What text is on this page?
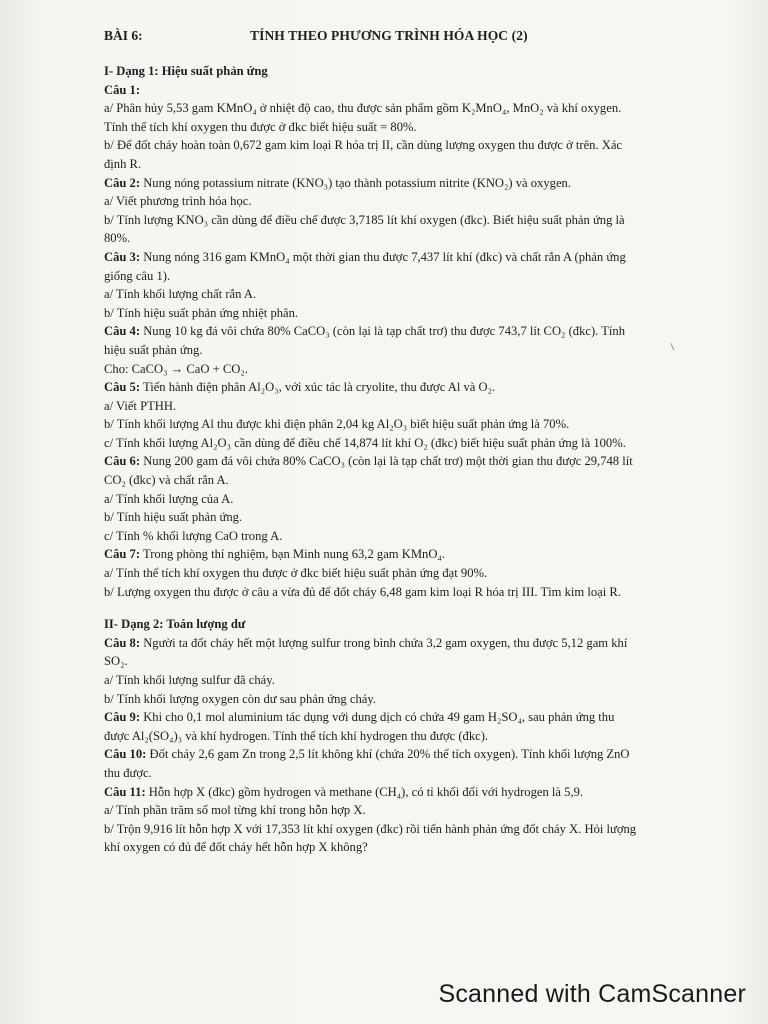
BÀI 6:	TÍNH THEO PHƯƠNG TRÌNH HÓA HỌC (2)

I- Dạng 1: Hiệu suất phản ứng

Câu 1:

a/ Phân hủy 5,53 gam KMnO₄ ở nhiệt độ cao, thu được sản phẩm gồm K₂MnO₄, MnO₂ và khí oxygen.

Tính thể tích khí oxygen thu được ở đkc biết hiệu suất = 80%.

b/ Để đốt cháy hoàn toàn 0,672 gam kim loại R hóa trị II, cần dùng lượng oxygen thu được ở trên. Xác

định R.

Câu 2: Nung nóng potassium nitrate (KNO₃) tạo thành potassium nitrite (KNO₂) và oxygen.

a/ Viết phương trình hóa học.

b/ Tính lượng KNO₃ cần dùng để điều chế được 3,7185 lít khí oxygen (đkc). Biết hiệu suất phản ứng là

80%.

Câu 3: Nung nóng 316 gam KMnO₄ một thời gian thu được 7,437 lít khí (đkc) và chất rắn A (phản ứng

giống câu 1).

a/ Tính khối lượng chất rắn A.

b/ Tính hiệu suất phản ứng nhiệt phân.

Câu 4: Nung 10 kg đá vôi chứa 80% CaCO₃ (còn lại là tạp chất trơ) thu được 743,7 lít CO₂ (đkc). Tính

hiệu suất phản ứng.

Cho: CaCO₃ → CaO + CO₂.

Câu 5: Tiến hành điện phân Al₂O₃, với xúc tác là cryolite, thu được Al và O₂.

a/ Viết PTHH.

b/ Tính khối lượng Al thu được khi điện phân 2,04 kg Al₂O₃ biết hiệu suất phản ứng là 70%.

c/ Tính khối lượng Al₂O₃ cần dùng để điều chế 14,874 lít khí O₂ (đkc) biết hiệu suất phản ứng là 100%.

Câu 6: Nung 200 gam đá vôi chứa 80% CaCO₃ (còn lại là tạp chất trơ) một thời gian thu được 29,748 lít

CO₂ (đkc) và chất rắn A.

a/ Tính khối lượng của A.

b/ Tính hiệu suất phản ứng.

c/ Tính % khối lượng CaO trong A.

Câu 7: Trong phòng thí nghiệm, bạn Minh nung 63,2 gam KMnO₄.

a/ Tính thể tích khí oxygen thu được ở đkc biết hiệu suất phản ứng đạt 90%.

b/ Lượng oxygen thu được ở câu a vừa đủ để đốt cháy 6,48 gam kim loại R hóa trị III. Tìm kim loại R.

II- Dạng 2: Toán lượng dư

Câu 8: Người ta đốt cháy hết một lượng sulfur trong bình chứa 3,2 gam oxygen, thu được 5,12 gam khí

SO₂.

a/ Tính khối lượng sulfur đã cháy.

b/ Tính khối lượng oxygen còn dư sau phản ứng cháy.

Câu 9: Khi cho 0,1 mol aluminium tác dụng với dung dịch có chứa 49 gam H₂SO₄, sau phản ứng thu

được Al₂(SO₄)₃ và khí hydrogen. Tính thể tích khí hydrogen thu được (đkc).

Câu 10: Đốt cháy 2,6 gam Zn trong 2,5 lít không khí (chứa 20% thể tích oxygen). Tính khối lượng ZnO

thu được.

Câu 11: Hỗn hợp X (đkc) gồm hydrogen và methane (CH₄), có tỉ khối đối với hydrogen là 5,9.

a/ Tính phần trăm số mol từng khí trong hỗn hợp X.

b/ Trộn 9,916 lít hỗn hợp X với 17,353 lít khí oxygen (đkc) rồi tiến hành phản ứng đốt cháy X. Hỏi lượng

khí oxygen có đủ để đốt cháy hết hỗn hợp X không?

Scanned with CamScanner
